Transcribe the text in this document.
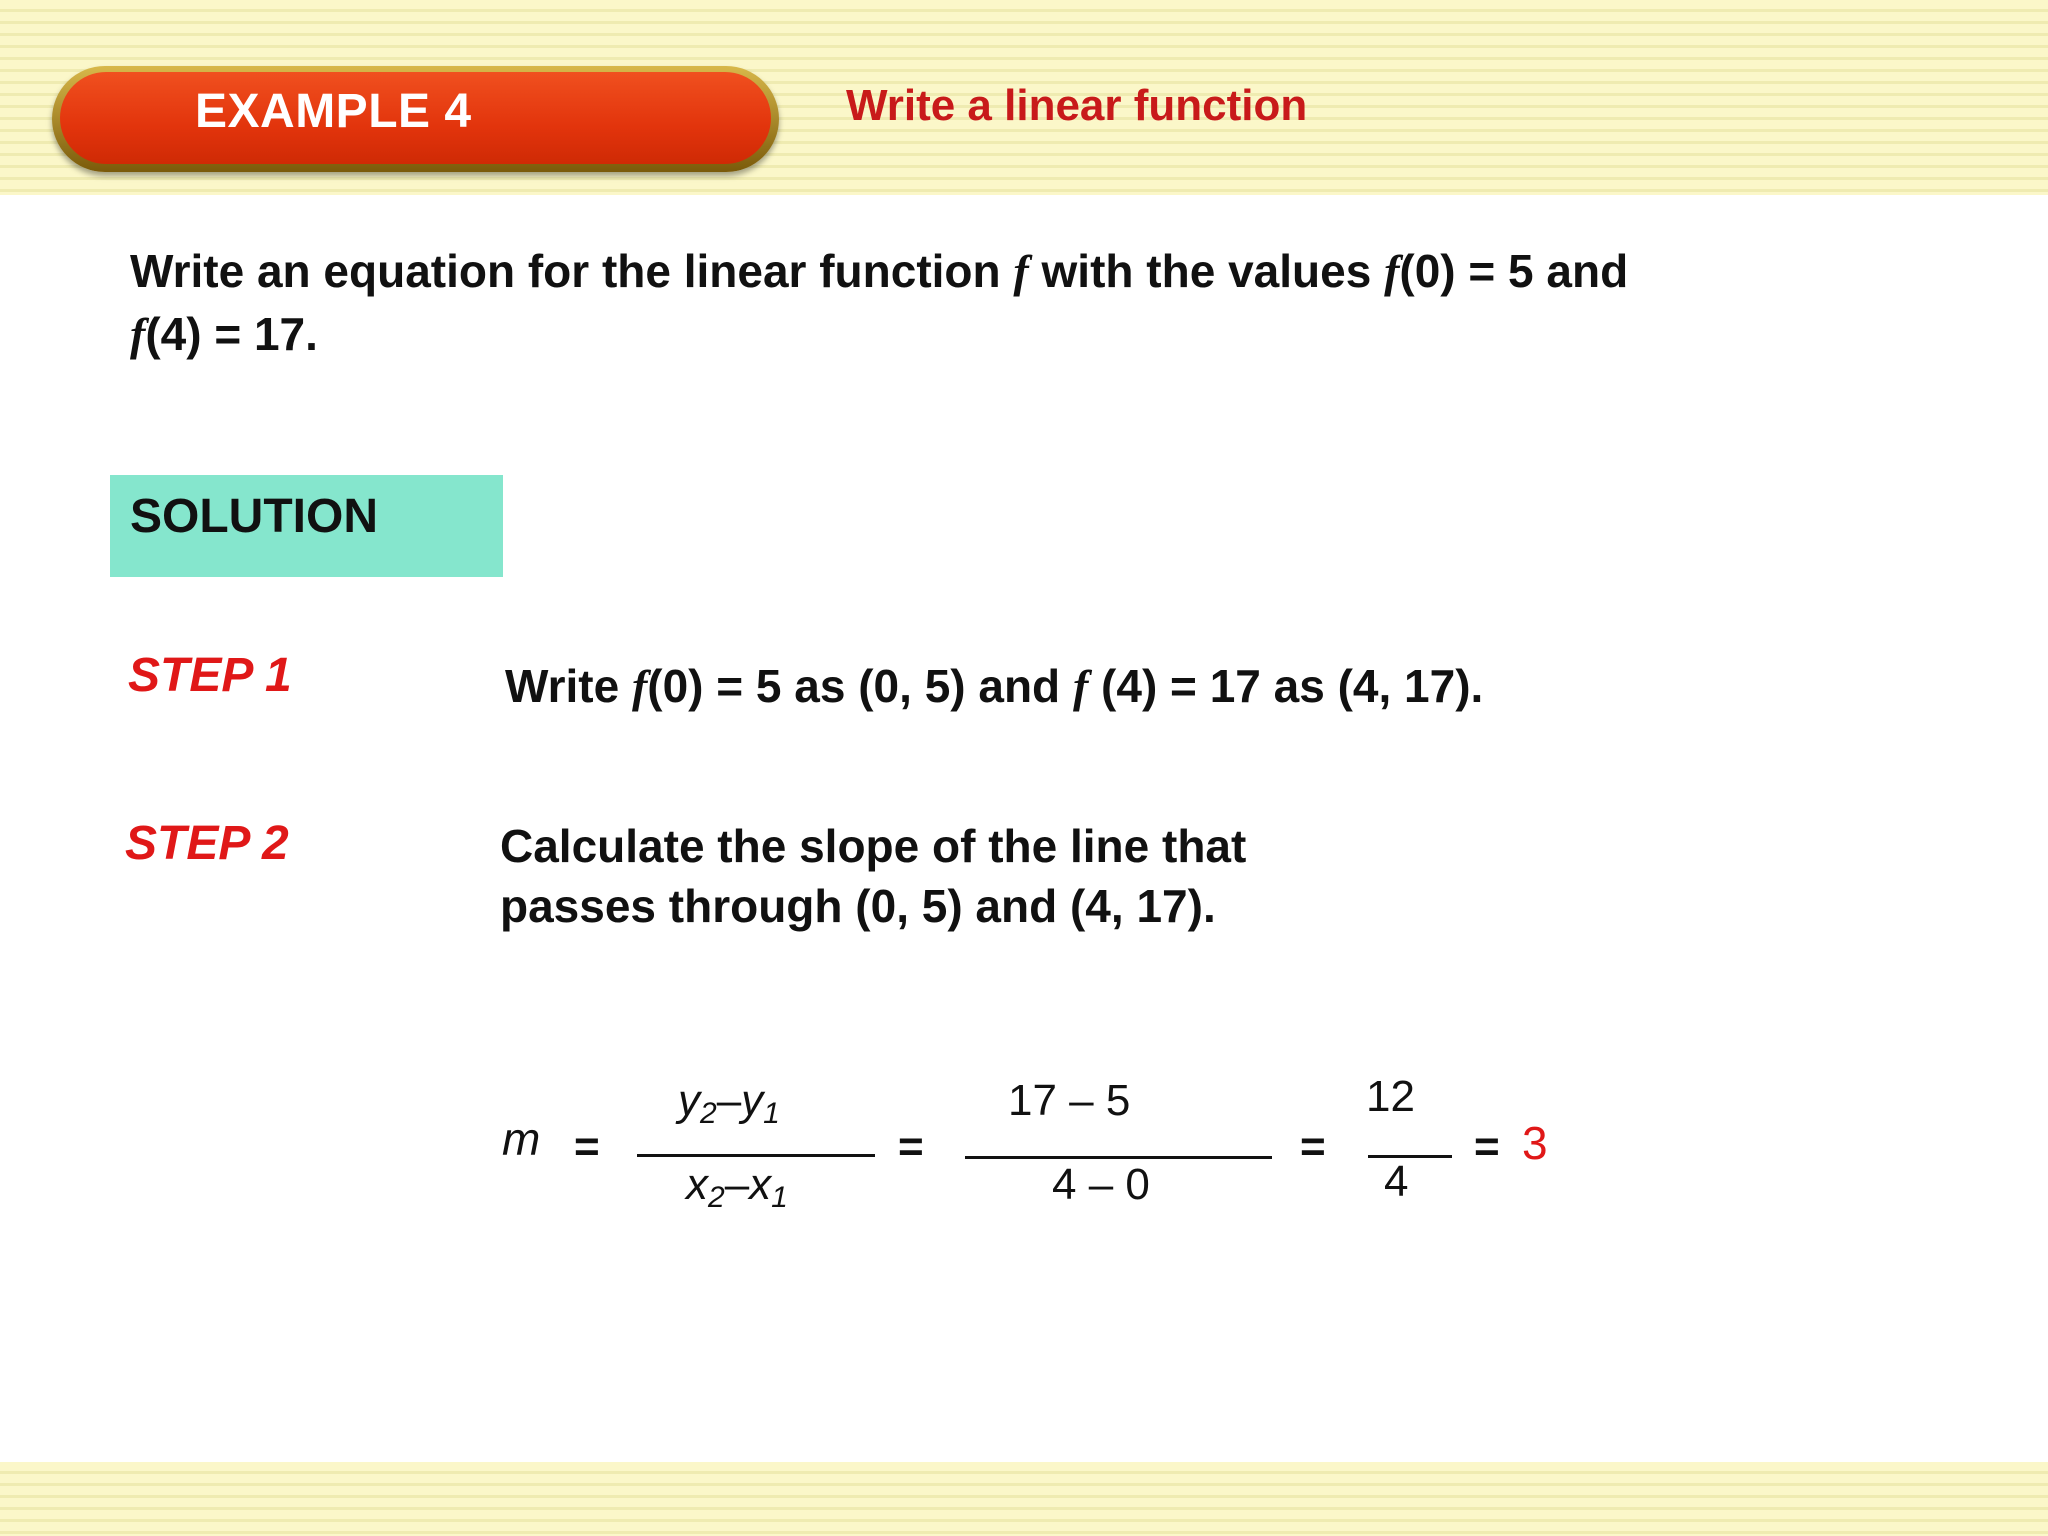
EXAMPLE 4	Write a linear function
Write an equation for the linear function f with the values f(0) = 5 and
f(4) = 17.
SOLUTION
STEP 1	Write f(0) = 5 as (0, 5) and f (4) = 17 as (4, 17).
STEP 2	Calculate the slope of the line that
passes through (0, 5) and (4, 17).
m =
$y_2-y_1$
$x_2-x_1$
=
17 – 5
4 – 0
=
12
4
= 3
